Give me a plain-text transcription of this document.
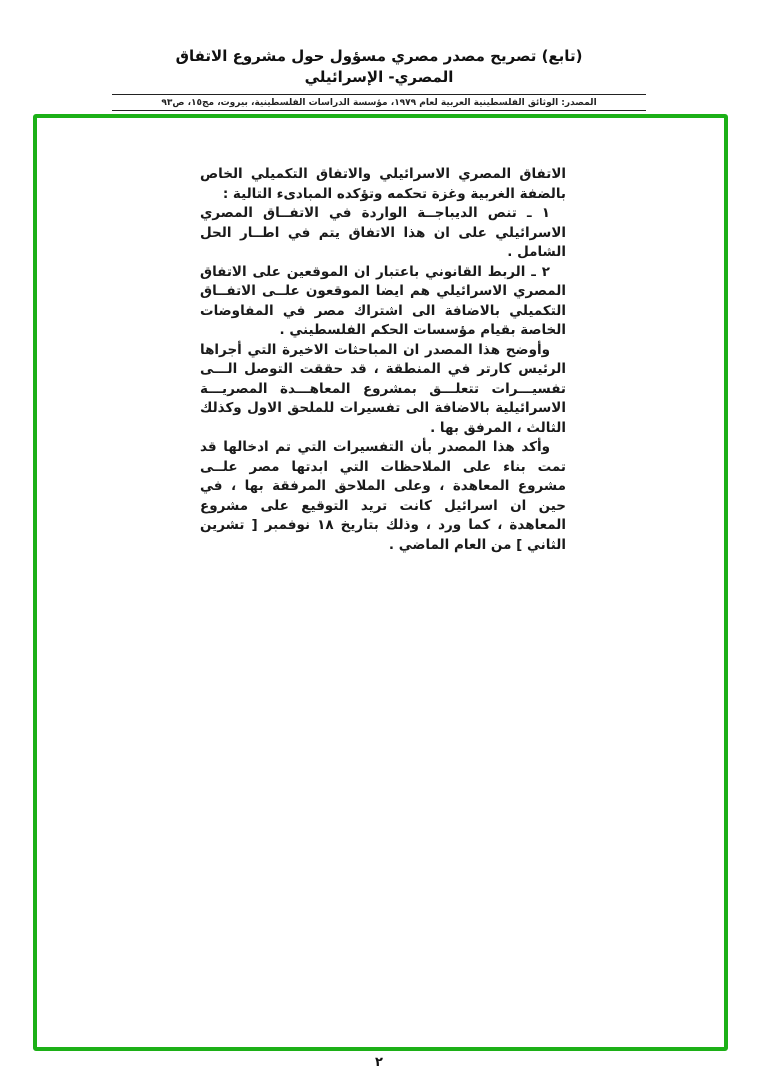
(تابع) تصريح مصدر مصري مسؤول حول مشروع الاتفاق المصري- الإسرائيلي
المصدر: الوثائق الفلسطينية العربية لعام ١٩٧٩، مؤسسة الدراسات الفلسطينية، بيروت، مج١٥، ص٩٣

الاتفاق المصري الاسرائيلي والاتفاق التكميلي الخاص بالضفة الغربية وغزة تحكمه وتؤكده المبادىء التالية :

١ ـ تنص الديباجــة الواردة في الاتفــاق المصري الاسرائيلي على ان هذا الاتفاق يتم في اطــار الحل الشامل .

٢ ـ الربط القانوني باعتبار ان الموقعين على الاتفاق المصري الاسرائيلي هم ايضا الموقعون علــى الاتفــاق التكميلي بالاضافة الى اشتراك مصر في المفاوضات الخاصة بقيام مؤسسات الحكم الفلسطيني .

وأوضح هذا المصدر ان المباحثات الاخيرة التي أجراها الرئيس كارتر في المنطقة ، قد حققت التوصل الـــى تفسيـــرات تتعلـــق بمشروع المعاهـــدة المصريـــة الاسرائيلية بالاضافة الى تفسيرات للملحق الاول وكذلك الثالث ، المرفق بها .

وأكد هذا المصدر بأن التفسيرات التي تم ادخالها قد تمت بناء على الملاحظات التي ابدتها مصر علــى مشروع المعاهدة ، وعلى الملاحق المرفقة بها ، في حين ان اسرائيل كانت تريد التوقيع على مشروع المعاهدة ، كما ورد ، وذلك بتاريخ ١٨ نوفمبر [ تشرين الثاني ] من العام الماضي .

٢
